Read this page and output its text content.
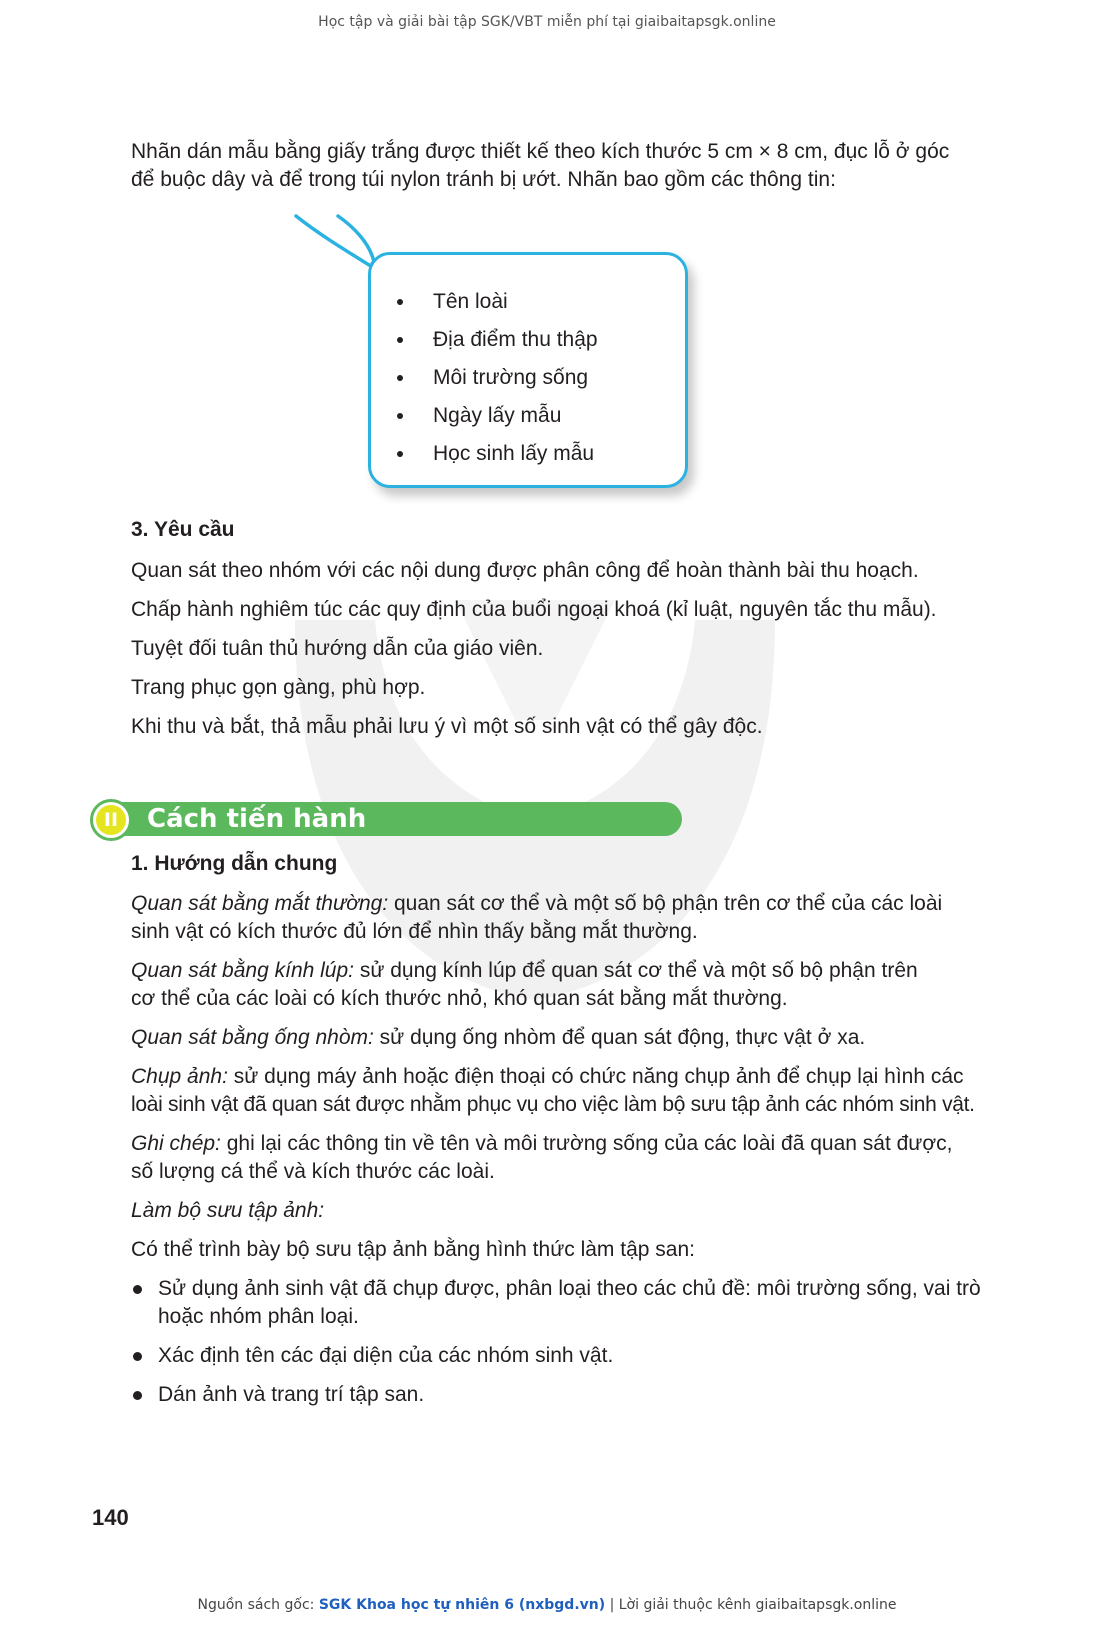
Học tập và giải bài tập SGK/VBT miễn phí tại giaibaitapsgk.online
Nhãn dán mẫu bằng giấy trắng được thiết kế theo kích thước 5 cm × 8 cm, đục lỗ ở góc
để buộc dây và để trong túi nylon tránh bị ướt. Nhãn bao gồm các thông tin:
Tên loài
Địa điểm thu thập
Môi trường sống
Ngày lấy mẫu
Học sinh lấy mẫu
3. Yêu cầu
Quan sát theo nhóm với các nội dung được phân công để hoàn thành bài thu hoạch.
Chấp hành nghiêm túc các quy định của buổi ngoại khoá (kỉ luật, nguyên tắc thu mẫu).
Tuyệt đối tuân thủ hướng dẫn của giáo viên.
Trang phục gọn gàng, phù hợp.
Khi thu và bắt, thả mẫu phải lưu ý vì một số sinh vật có thể gây độc.
II	Cách tiến hành
1. Hướng dẫn chung
Quan sát bằng mắt thường: quan sát cơ thể và một số bộ phận trên cơ thể của các loài
sinh vật có kích thước đủ lớn để nhìn thấy bằng mắt thường.
Quan sát bằng kính lúp: sử dụng kính lúp để quan sát cơ thể và một số bộ phận trên
cơ thể của các loài có kích thước nhỏ, khó quan sát bằng mắt thường.
Quan sát bằng ống nhòm: sử dụng ống nhòm để quan sát động, thực vật ở xa.
Chụp ảnh: sử dụng máy ảnh hoặc điện thoại có chức năng chụp ảnh để chụp lại hình các
loài sinh vật đã quan sát được nhằm phục vụ cho việc làm bộ sưu tập ảnh các nhóm sinh vật.
Ghi chép: ghi lại các thông tin về tên và môi trường sống của các loài đã quan sát được,
số lượng cá thể và kích thước các loài.
Làm bộ sưu tập ảnh:
Có thể trình bày bộ sưu tập ảnh bằng hình thức làm tập san:
Sử dụng ảnh sinh vật đã chụp được, phân loại theo các chủ đề: môi trường sống, vai trò
hoặc nhóm phân loại.
Xác định tên các đại diện của các nhóm sinh vật.
Dán ảnh và trang trí tập san.
140
Nguồn sách gốc: SGK Khoa học tự nhiên 6 (nxbgd.vn) | Lời giải thuộc kênh giaibaitapsgk.online
